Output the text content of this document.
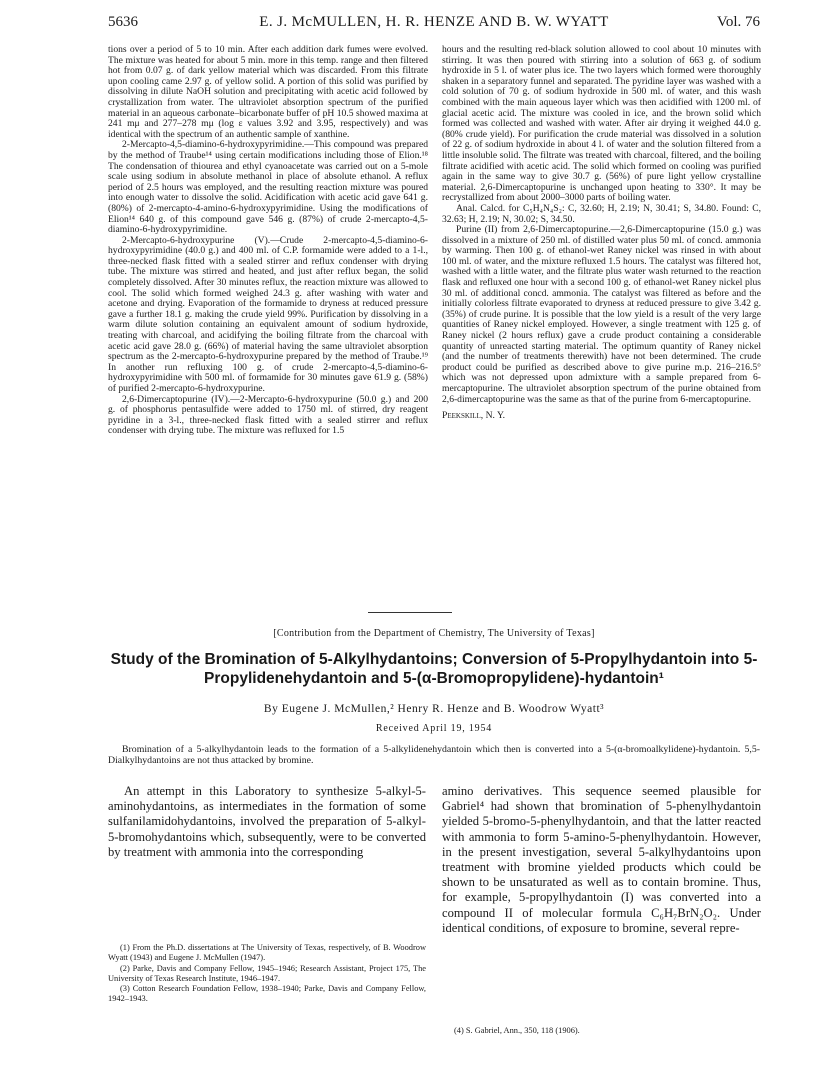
5636	E. J. McMULLEN, H. R. HENZE AND B. W. WYATT	Vol. 76

tions over a period of 5 to 10 min. After each addition dark fumes were evolved. The mixture was heated for about 5 min. more in this temp. range and then filtered hot from 0.07 g. of dark yellow material which was discarded. From this filtrate upon cooling came 2.97 g. of yellow solid. A portion of this solid was purified by dissolving in dilute NaOH solution and precipitating with acetic acid followed by crystallization from water. The ultraviolet absorption spectrum of the purified material in an aqueous carbonate–bicarbonate buffer of pH 10.5 showed maxima at 241 mμ and 277–278 mμ (log ε values 3.92 and 3.95, respectively) and was identical with the spectrum of an authentic sample of xanthine.

2-Mercapto-4,5-diamino-6-hydroxypyrimidine.—This compound was prepared by the method of Traube¹⁴ using certain modifications including those of Elion.¹⁸ The condensation of thiourea and ethyl cyanoacetate was carried out on a 5-mole scale using sodium in absolute methanol in place of absolute ethanol. A reflux period of 2.5 hours was employed, and the resulting reaction mixture was poured into enough water to dissolve the solid. Acidification with acetic acid gave 641 g. (80%) of 2-mercapto-4-amino-6-hydroxypyrimidine. Using the modifications of Elion¹⁴ 640 g. of this compound gave 546 g. (87%) of crude 2-mercapto-4,5-diamino-6-hydroxypyrimidine.

2-Mercapto-6-hydroxypurine (V).—Crude 2-mercapto-4,5-diamino-6-hydroxypyrimidine (40.0 g.) and 400 ml. of C.P. formamide were added to a 1-l., three-necked flask fitted with a sealed stirrer and reflux condenser with drying tube. The mixture was stirred and heated, and just after reflux began, the solid completely dissolved. After 30 minutes reflux, the reaction mixture was allowed to cool. The solid which formed weighed 24.3 g. after washing with water and acetone and drying. Evaporation of the formamide to dryness at reduced pressure gave a further 18.1 g. making the crude yield 99%. Purification by dissolving in a warm dilute solution containing an equivalent amount of sodium hydroxide, treating with charcoal, and acidifying the boiling filtrate from the charcoal with acetic acid gave 28.0 g. (66%) of material having the same ultraviolet absorption spectrum as the 2-mercapto-6-hydroxypurine prepared by the method of Traube.¹⁹ In another run refluxing 100 g. of crude 2-mercapto-4,5-diamino-6-hydroxypyrimidine with 500 ml. of formamide for 30 minutes gave 61.9 g. (58%) of purified 2-mercapto-6-hydroxypurine.

2,6-Dimercaptopurine (IV).—2-Mercapto-6-hydroxypurine (50.0 g.) and 200 g. of phosphorus pentasulfide were added to 1750 ml. of stirred, dry reagent pyridine in a 3-l., three-necked flask fitted with a sealed stirrer and reflux condenser with drying tube. The mixture was refluxed for 1.5

hours and the resulting red-black solution allowed to cool about 10 minutes with stirring. It was then poured with stirring into a solution of 663 g. of sodium hydroxide in 5 l. of water plus ice. The two layers which formed were thoroughly shaken in a separatory funnel and separated. The pyridine layer was washed with a cold solution of 70 g. of sodium hydroxide in 500 ml. of water, and this wash combined with the main aqueous layer which was then acidified with 1200 ml. of glacial acetic acid. The mixture was cooled in ice, and the brown solid which formed was collected and washed with water. After air drying it weighed 44.0 g. (80% crude yield). For purification the crude material was dissolved in a solution of 22 g. of sodium hydroxide in about 4 l. of water and the solution filtered from a little insoluble solid. The filtrate was treated with charcoal, filtered, and the boiling filtrate acidified with acetic acid. The solid which formed on cooling was purified again in the same way to give 30.7 g. (56%) of pure light yellow crystalline material. 2,6-Dimercaptopurine is unchanged upon heating to 330°. It may be recrystallized from about 2000–3000 parts of boiling water.

Anal. Calcd. for C₅H₄N₄S₂: C, 32.60; H, 2.19; N, 30.41; S, 34.80. Found: C, 32.63; H, 2.19; N, 30.02; S, 34.50.

Purine (II) from 2,6-Dimercaptopurine.—2,6-Dimercaptopurine (15.0 g.) was dissolved in a mixture of 250 ml. of distilled water plus 50 ml. of concd. ammonia by warming. Then 100 g. of ethanol-wet Raney nickel was rinsed in with about 100 ml. of water, and the mixture refluxed 1.5 hours. The catalyst was filtered hot, washed with a little water, and the filtrate plus water wash returned to the reaction flask and refluxed one hour with a second 100 g. of ethanol-wet Raney nickel plus 30 ml. of additional concd. ammonia. The catalyst was filtered as before and the initially colorless filtrate evaporated to dryness at reduced pressure to give 3.42 g. (35%) of crude purine. It is possible that the low yield is a result of the very large quantities of Raney nickel employed. However, a single treatment with 125 g. of Raney nickel (2 hours reflux) gave a crude product containing a considerable quantity of unreacted starting material. The optimum quantity of Raney nickel (and the number of treatments therewith) have not been determined. The crude product could be purified as described above to give purine m.p. 216–216.5° which was not depressed upon admixture with a sample prepared from 6-mercaptopurine. The ultraviolet absorption spectrum of the purine obtained from 2,6-dimercaptopurine was the same as that of the purine from 6-mercaptopurine.

Peekskill, N. Y.

[Contribution from the Department of Chemistry, The University of Texas]
Study of the Bromination of 5-Alkylhydantoins; Conversion of 5-Propylhydantoin into 5-Propylidenehydantoin and 5-(α-Bromopropylidene)-hydantoin¹
By Eugene J. McMullen,² Henry R. Henze and B. Woodrow Wyatt³
Received April 19, 1954

Bromination of a 5-alkylhydantoin leads to the formation of a 5-alkylidenehydantoin which then is converted into a 5-(α-bromoalkylidene)-hydantoin. 5,5-Dialkylhydantoins are not thus attacked by bromine.

An attempt in this Laboratory to synthesize 5-alkyl-5-aminohydantoins, as intermediates in the formation of some sulfanilamidohydantoins, involved the preparation of 5-alkyl-5-bromohydantoins which, subsequently, were to be converted by treatment with ammonia into the corresponding

amino derivatives. This sequence seemed plausible for Gabriel⁴ had shown that bromination of 5-phenylhydantoin yielded 5-bromo-5-phenylhydantoin, and that the latter reacted with ammonia to form 5-amino-5-phenylhydantoin. However, in the present investigation, several 5-alkylhydantoins upon treatment with bromine yielded products which could be shown to be unsaturated as well as to contain bromine. Thus, for example, 5-propylhydantoin (I) was converted into a compound II of molecular formula C₆H₇BrN₂O₂. Under identical conditions, of exposure to bromine, several repre-

(1) From the Ph.D. dissertations at The University of Texas, respectively, of B. Woodrow Wyatt (1943) and Eugene J. McMullen (1947).

(2) Parke, Davis and Company Fellow, 1945–1946; Research Assistant, Project 175, The University of Texas Research Institute, 1946–1947.

(3) Cotton Research Foundation Fellow, 1938–1940; Parke, Davis and Company Fellow, 1942–1943.

(4) S. Gabriel, Ann., 350, 118 (1906).
